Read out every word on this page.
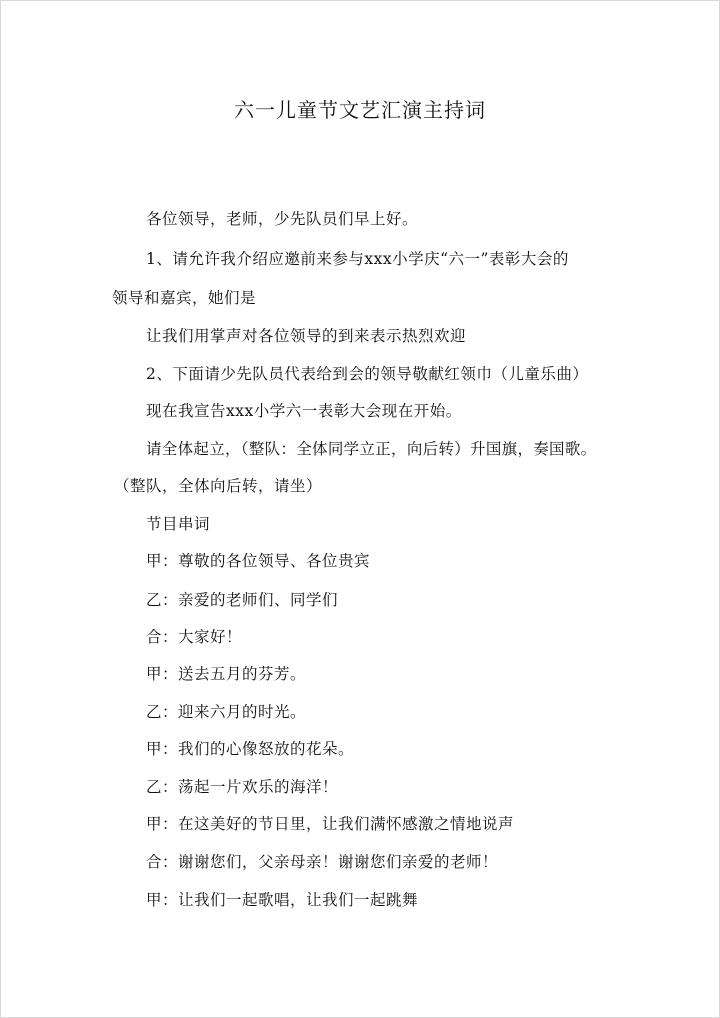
六一儿童节文艺汇演主持词
各位领导，老师，少先队员们早上好。
1、请允许我介绍应邀前来参与xxx小学庆“六一”表彰大会的
领导和嘉宾，她们是
让我们用掌声对各位领导的到来表示热烈欢迎
2、下面请少先队员代表给到会的领导敬献红领巾（儿童乐曲）
现在我宣告xxx小学六一表彰大会现在开始。
请全体起立，（整队：全体同学立正，向后转）升国旗，奏国歌。
（整队，全体向后转，请坐）
节目串词
甲：尊敬的各位领导、各位贵宾
乙：亲爱的老师们、同学们
合：大家好！
甲：送去五月的芬芳。
乙：迎来六月的时光。
甲：我们的心像怒放的花朵。
乙：荡起一片欢乐的海洋！
甲：在这美好的节日里，让我们满怀感激之情地说声
合：谢谢您们，父亲母亲！谢谢您们亲爱的老师！
甲：让我们一起歌唱，让我们一起跳舞
